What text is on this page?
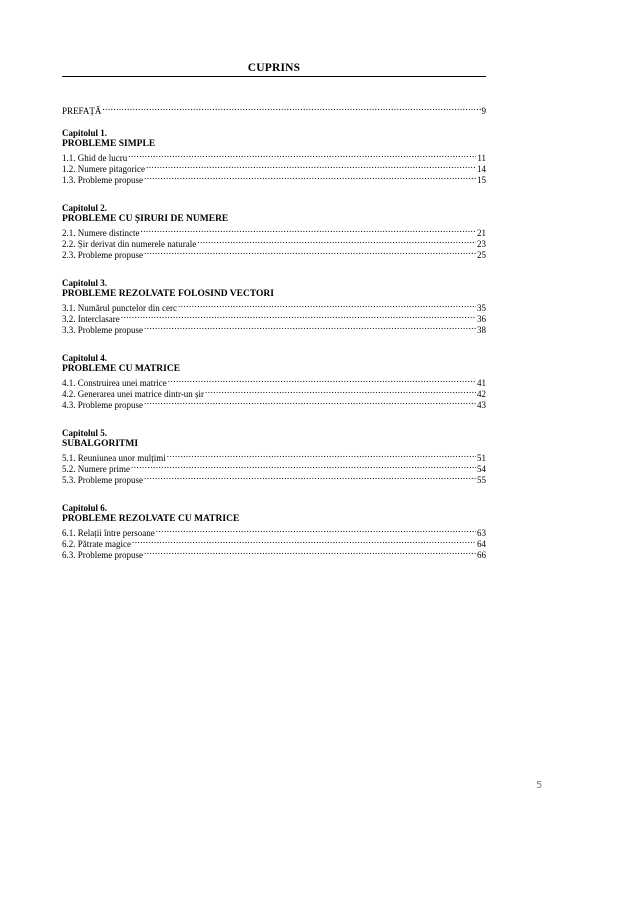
CUPRINS
PREFAȚĂ .....	9
Capitolul 1.
PROBLEME SIMPLE
1.1. Ghid de lucru .....	11
1.2. Numere pitagorice .....	14
1.3. Probleme propuse .....	15
Capitolul 2.
PROBLEME CU ȘIRURI DE NUMERE
2.1. Numere distincte .....	21
2.2. Șir derivat din numerele naturale .....	23
2.3. Probleme propuse .....	25
Capitolul 3.
PROBLEME REZOLVATE FOLOSIND VECTORI
3.1. Numărul punctelor din cerc .....	35
3.2. Interclasare .....	36
3.3. Probleme propuse .....	38
Capitolul 4.
PROBLEME CU MATRICE
4.1. Construirea unei matrice .....	41
4.2. Generarea unei matrice dintr-un șir .....	42
4.3. Probleme propuse .....	43
Capitolul 5.
SUBALGORITMI
5.1. Reuniunea unor mulțimi .....	51
5.2. Numere prime .....	54
5.3. Probleme propuse .....	55
Capitolul 6.
PROBLEME REZOLVATE CU MATRICE
6.1. Relații între persoane .....	63
6.2. Pătrate magice .....	64
6.3. Probleme propuse .....	66
5
